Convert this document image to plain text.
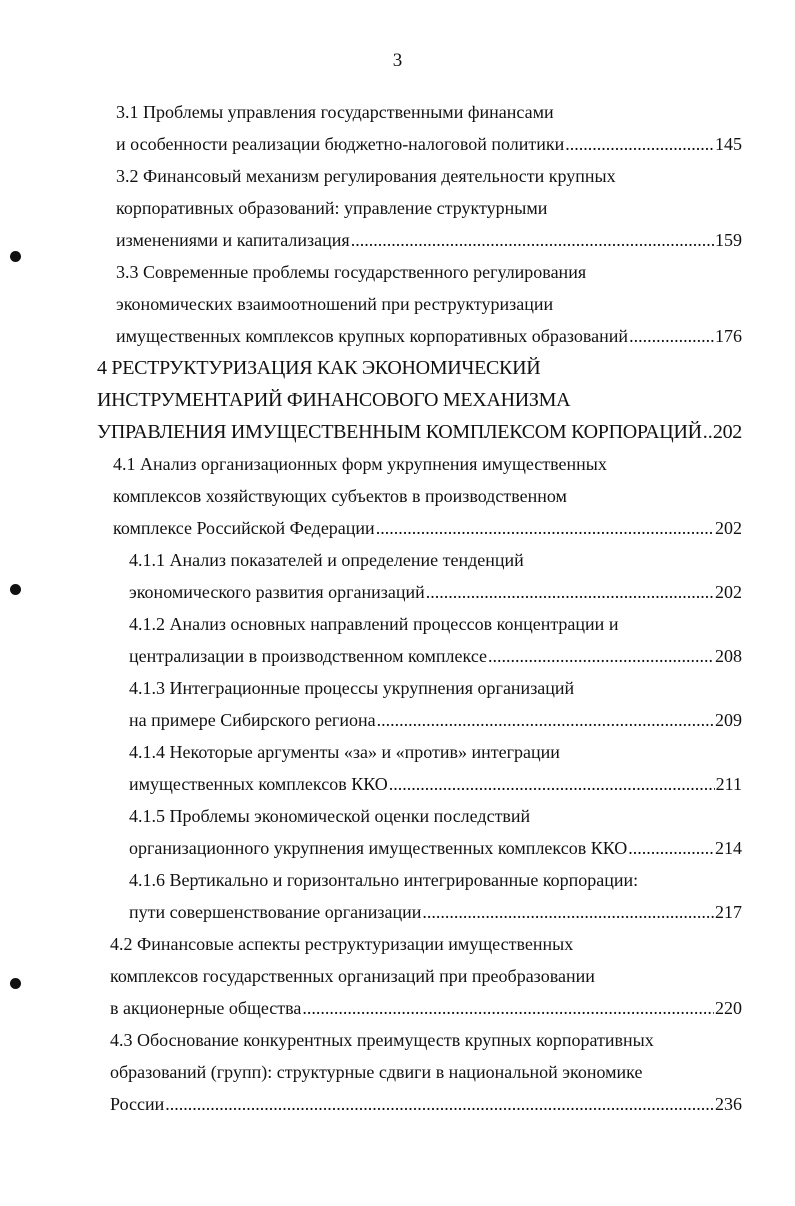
3
3.1 Проблемы управления государственными финансами
и особенности реализации бюджетно-налоговой политики .....	145
3.2 Финансовый механизм регулирования деятельности крупных
корпоративных образований: управление структурными
изменениями и капитализация .....	159
3.3 Современные проблемы государственного регулирования
экономических взаимоотношений при реструктуризации
имущественных комплексов крупных корпоративных образований .....	176
4 РЕСТРУКТУРИЗАЦИЯ КАК ЭКОНОМИЧЕСКИЙ
ИНСТРУМЕНТАРИЙ ФИНАНСОВОГО МЕХАНИЗМА
УПРАВЛЕНИЯ ИМУЩЕСТВЕННЫМ КОМПЛЕКСОМ КОРПОРАЦИЙ ..... 202
4.1 Анализ организационных форм укрупнения имущественных
комплексов хозяйствующих субъектов в производственном
комплексе Российской Федерации .....	202
4.1.1 Анализ показателей и определение тенденций
экономического развития организаций .....	202
4.1.2 Анализ основных направлений процессов концентрации и
централизации в производственном комплексе .....	208
4.1.3 Интеграционные процессы укрупнения организаций
на примере Сибирского региона .....	209
4.1.4 Некоторые аргументы «за» и «против» интеграции
имущественных комплексов ККО .....	211
4.1.5 Проблемы экономической оценки последствий
организационного укрупнения имущественных комплексов ККО .....	214
4.1.6 Вертикально и горизонтально интегрированные корпорации:
пути совершенствование организации .....	217
4.2 Финансовые аспекты реструктуризации имущественных
комплексов государственных организаций при преобразовании
в акционерные общества .....	220
4.3 Обоснование конкурентных преимуществ крупных корпоративных
образований (групп): структурные сдвиги в национальной экономике
России .....	236
